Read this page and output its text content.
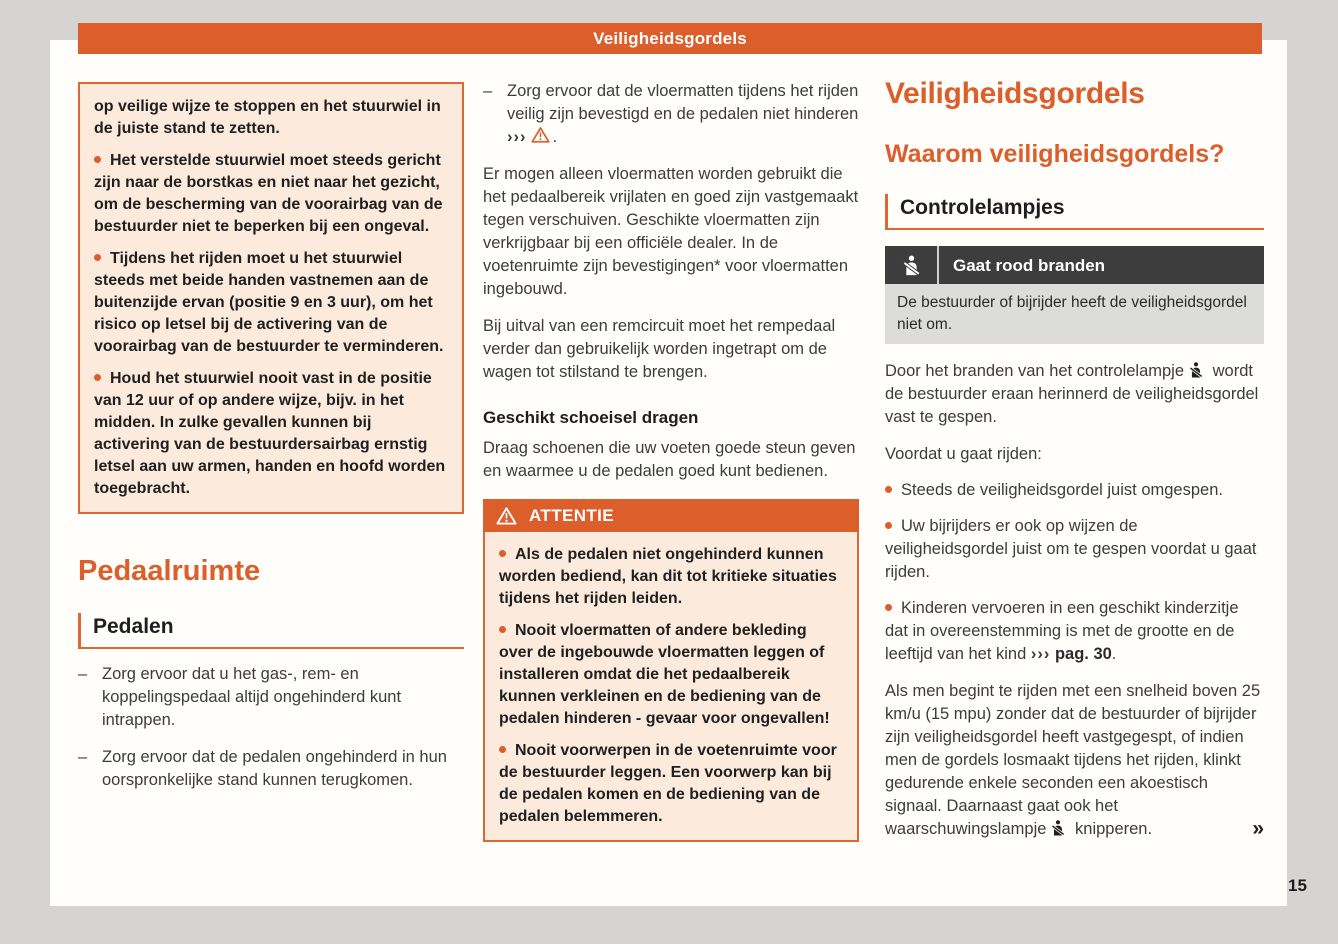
Veiligheidsgordels

op veilige wijze te stoppen en het stuurwiel in de juiste stand te zetten.

Het verstelde stuurwiel moet steeds gericht zijn naar de borstkas en niet naar het gezicht, om de bescherming van de voorairbag van de bestuurder niet te beperken bij een ongeval.

Tijdens het rijden moet u het stuurwiel steeds met beide handen vastnemen aan de buitenzijde ervan (positie 9 en 3 uur), om het risico op letsel bij de activering van de voorairbag van de bestuurder te verminderen.

Houd het stuurwiel nooit vast in de positie van 12 uur of op andere wijze, bijv. in het midden. In zulke gevallen kunnen bij activering van de bestuurdersairbag ernstig letsel aan uw armen, handen en hoofd worden toegebracht.

Pedaalruimte
Pedalen

– Zorg ervoor dat u het gas-, rem- en koppelingspedaal altijd ongehinderd kunt intrappen.

– Zorg ervoor dat de pedalen ongehinderd in hun oorspronkelijke stand kunnen terugkomen.

– Zorg ervoor dat de vloermatten tijdens het rijden veilig zijn bevestigd en de pedalen niet hinderen ››› .

Er mogen alleen vloermatten worden gebruikt die het pedaalbereik vrijlaten en goed zijn vastgemaakt tegen verschuiven. Geschikte vloermatten zijn verkrijgbaar bij een officiële dealer. In de voetenruimte zijn bevestigingen* voor vloermatten ingebouwd.

Bij uitval van een remcircuit moet het rempedaal verder dan gebruikelijk worden ingetrapt om de wagen tot stilstand te brengen.

Geschikt schoeisel dragen

Draag schoenen die uw voeten goede steun geven en waarmee u de pedalen goed kunt bedienen.

ATTENTIE

Als de pedalen niet ongehinderd kunnen worden bediend, kan dit tot kritieke situaties tijdens het rijden leiden.

Nooit vloermatten of andere bekleding over de ingebouwde vloermatten leggen of installeren omdat die het pedaalbereik kunnen verkleinen en de bediening van de pedalen hinderen - gevaar voor ongevallen!

Nooit voorwerpen in de voetenruimte voor de bestuurder leggen. Een voorwerp kan bij de pedalen komen en de bediening van de pedalen belemmeren.

Veiligheidsgordels
Waarom veiligheidsgordels?
Controlelampjes
Gaat rood branden
De bestuurder of bijrijder heeft de veiligheidsgordel niet om.

Door het branden van het controlelampje wordt de bestuurder eraan herinnerd de veiligheidsgordel vast te gespen.

Voordat u gaat rijden:

Steeds de veiligheidsgordel juist omgespen.

Uw bijrijders er ook op wijzen de veiligheidsgordel juist om te gespen voordat u gaat rijden.

Kinderen vervoeren in een geschikt kinderzitje dat in overeenstemming is met de grootte en de leeftijd van het kind ››› pag. 30.

Als men begint te rijden met een snelheid boven 25 km/u (15 mpu) zonder dat de bestuurder of bijrijder zijn veiligheidsgordel heeft vastgegespt, of indien men de gordels losmaakt tijdens het rijden, klinkt gedurende enkele seconden een akoestisch signaal. Daarnaast gaat ook het waarschuwingslampje knipperen.	»
15
